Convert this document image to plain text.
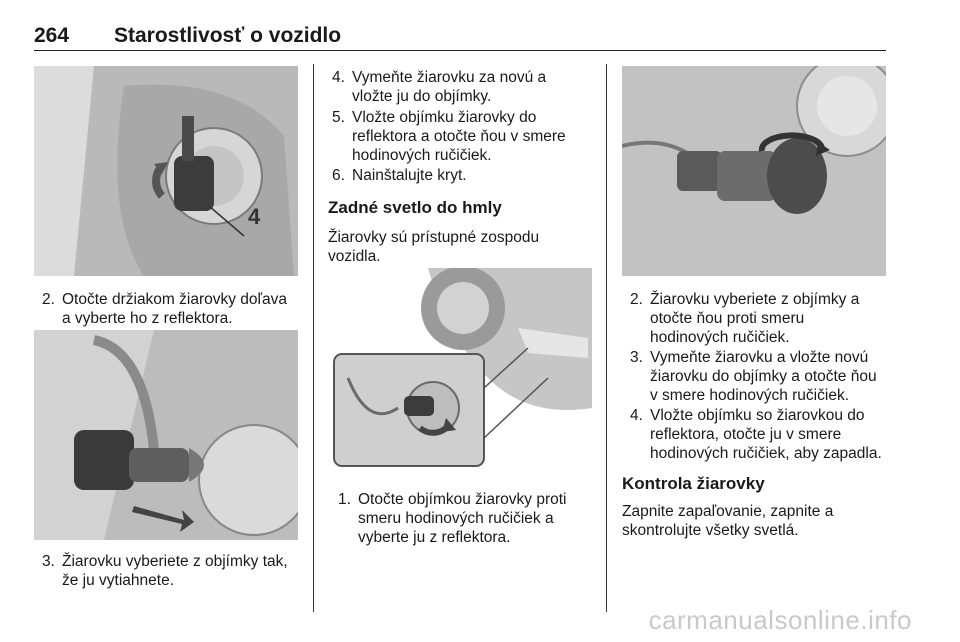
264 Starostlivosť o vozidlo
4
2. Otočte držiakom žiarovky doľava
a vyberte ho z reflektora.
3. Žiarovku vyberiete z objímky tak,
že ju vytiahnete.
4. Vymeňte žiarovku za novú a
vložte ju do objímky.
5. Vložte objímku žiarovky do
reflektora a otočte ňou v smere
hodinových ručičiek.
6. Nainštalujte kryt.
Zadné svetlo do hmly
Žiarovky sú prístupné zospodu
vozidla.
1. Otočte objímkou žiarovky proti
smeru hodinových ručičiek a
vyberte ju z reflektora.
2. Žiarovku vyberiete z objímky a
otočte ňou proti smeru
hodinových ručičiek.
3. Vymeňte žiarovku a vložte novú
žiarovku do objímky a otočte ňou
v smere hodinových ručičiek.
4. Vložte objímku so žiarovkou do
reflektora, otočte ju v smere
hodinových ručičiek, aby zapadla.
Kontrola žiarovky
Zapnite zapaľovanie, zapnite a
skontrolujte všetky svetlá.
carmanualsonline.info
